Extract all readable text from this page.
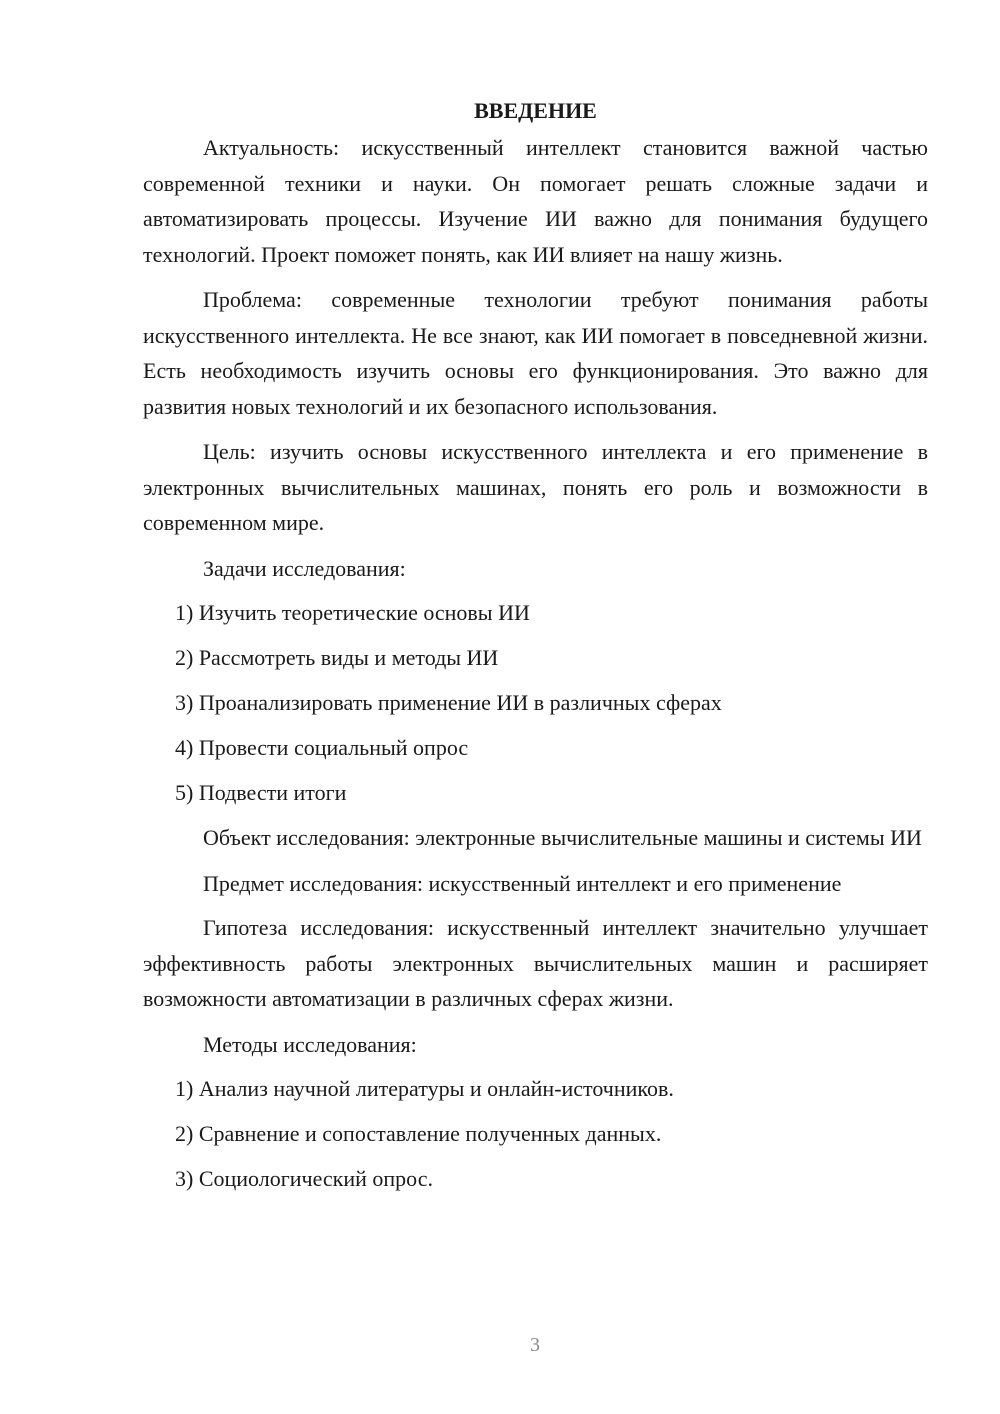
ВВЕДЕНИЕ

Актуальность: искусственный интеллект становится важной частью современной техники и науки. Он помогает решать сложные задачи и автоматизировать процессы. Изучение ИИ важно для понимания будущего технологий. Проект поможет понять, как ИИ влияет на нашу жизнь.

Проблема: современные технологии требуют понимания работы искусственного интеллекта. Не все знают, как ИИ помогает в повседневной жизни. Есть необходимость изучить основы его функционирования. Это важно для развития новых технологий и их безопасного использования.

Цель: изучить основы искусственного интеллекта и его применение в электронных вычислительных машинах, понять его роль и возможности в современном мире.

Задачи исследования:

1) Изучить теоретические основы ИИ
2) Рассмотреть виды и методы ИИ
3) Проанализировать применение ИИ в различных сферах
4) Провести социальный опрос
5) Подвести итоги

Объект исследования: электронные вычислительные машины и системы ИИ

Предмет исследования: искусственный интеллект и его применение

Гипотеза исследования: искусственный интеллект значительно улучшает эффективность работы электронных вычислительных машин и расширяет возможности автоматизации в различных сферах жизни.

Методы исследования:

1) Анализ научной литературы и онлайн-источников.
2) Сравнение и сопоставление полученных данных.
3) Социологический опрос.
3
